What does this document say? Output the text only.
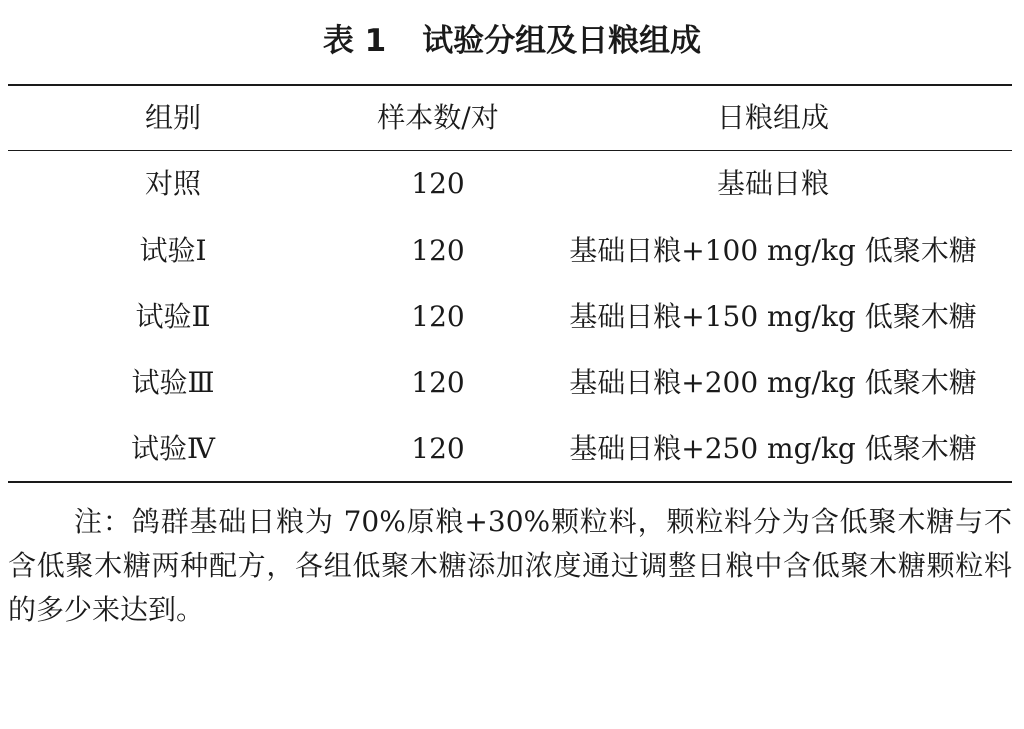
表 1 试验分组及日粮组成
组别	样本数/对	日粮组成
对照	120	基础日粮
试验Ⅰ	120	基础日粮+100 mg/kg 低聚木糖
试验Ⅱ	120	基础日粮+150 mg/kg 低聚木糖
试验Ⅲ	120	基础日粮+200 mg/kg 低聚木糖
试验Ⅳ	120	基础日粮+250 mg/kg 低聚木糖
注：鸽群基础日粮为 70%原粮+30%颗粒料，颗粒料分为含低聚木糖与不含低聚木糖两种配方，各组低聚木糖添加浓度通过调整日粮中含低聚木糖颗粒料的多少来达到。
